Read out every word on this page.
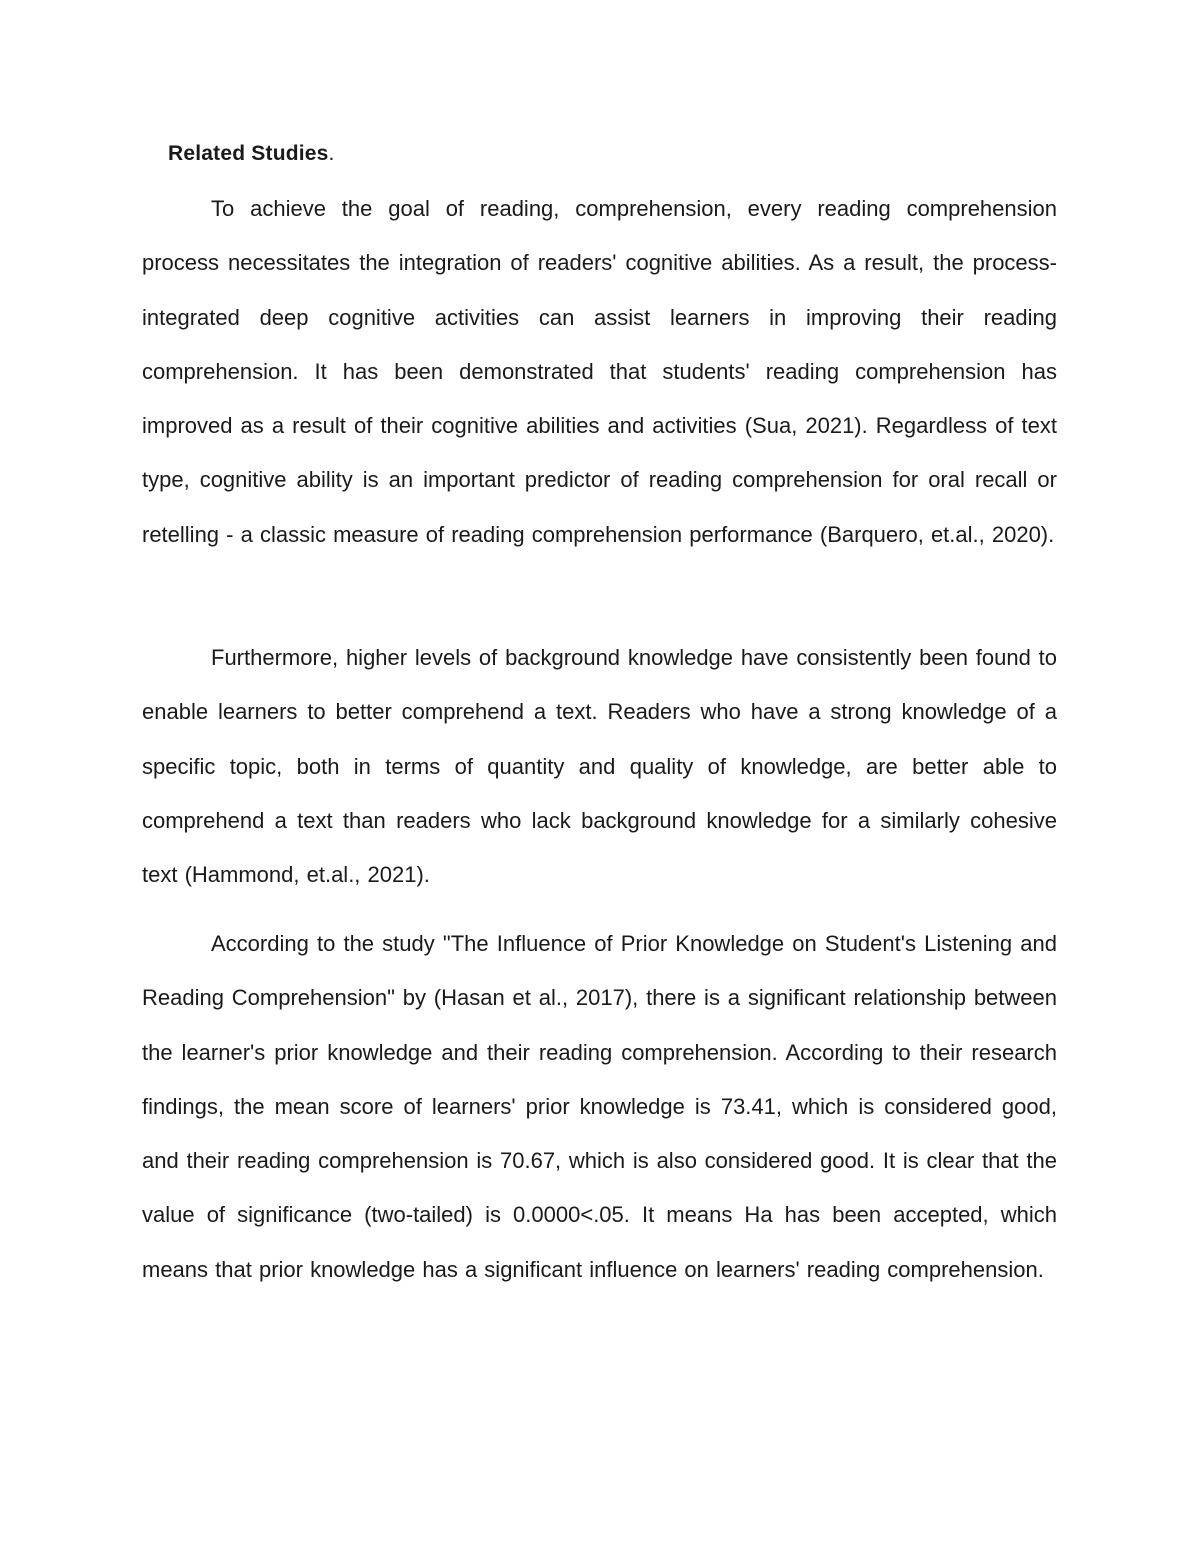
Related Studies.

To achieve the goal of reading, comprehension, every reading comprehension process necessitates the integration of readers' cognitive abilities. As a result, the process-integrated deep cognitive activities can assist learners in improving their reading comprehension. It has been demonstrated that students' reading comprehension has improved as a result of their cognitive abilities and activities (Sua, 2021). Regardless of text type, cognitive ability is an important predictor of reading comprehension for oral recall or retelling - a classic measure of reading comprehension performance (Barquero, et.al., 2020).

Furthermore, higher levels of background knowledge have consistently been found to enable learners to better comprehend a text. Readers who have a strong knowledge of a specific topic, both in terms of quantity and quality of knowledge, are better able to comprehend a text than readers who lack background knowledge for a similarly cohesive text (Hammond, et.al., 2021).

According to the study "The Influence of Prior Knowledge on Student's Listening and Reading Comprehension" by (Hasan et al., 2017), there is a significant relationship between the learner's prior knowledge and their reading comprehension. According to their research findings, the mean score of learners' prior knowledge is 73.41, which is considered good, and their reading comprehension is 70.67, which is also considered good. It is clear that the value of significance (two-tailed) is 0.0000<.05. It means Ha has been accepted, which means that prior knowledge has a significant influence on learners' reading comprehension.
